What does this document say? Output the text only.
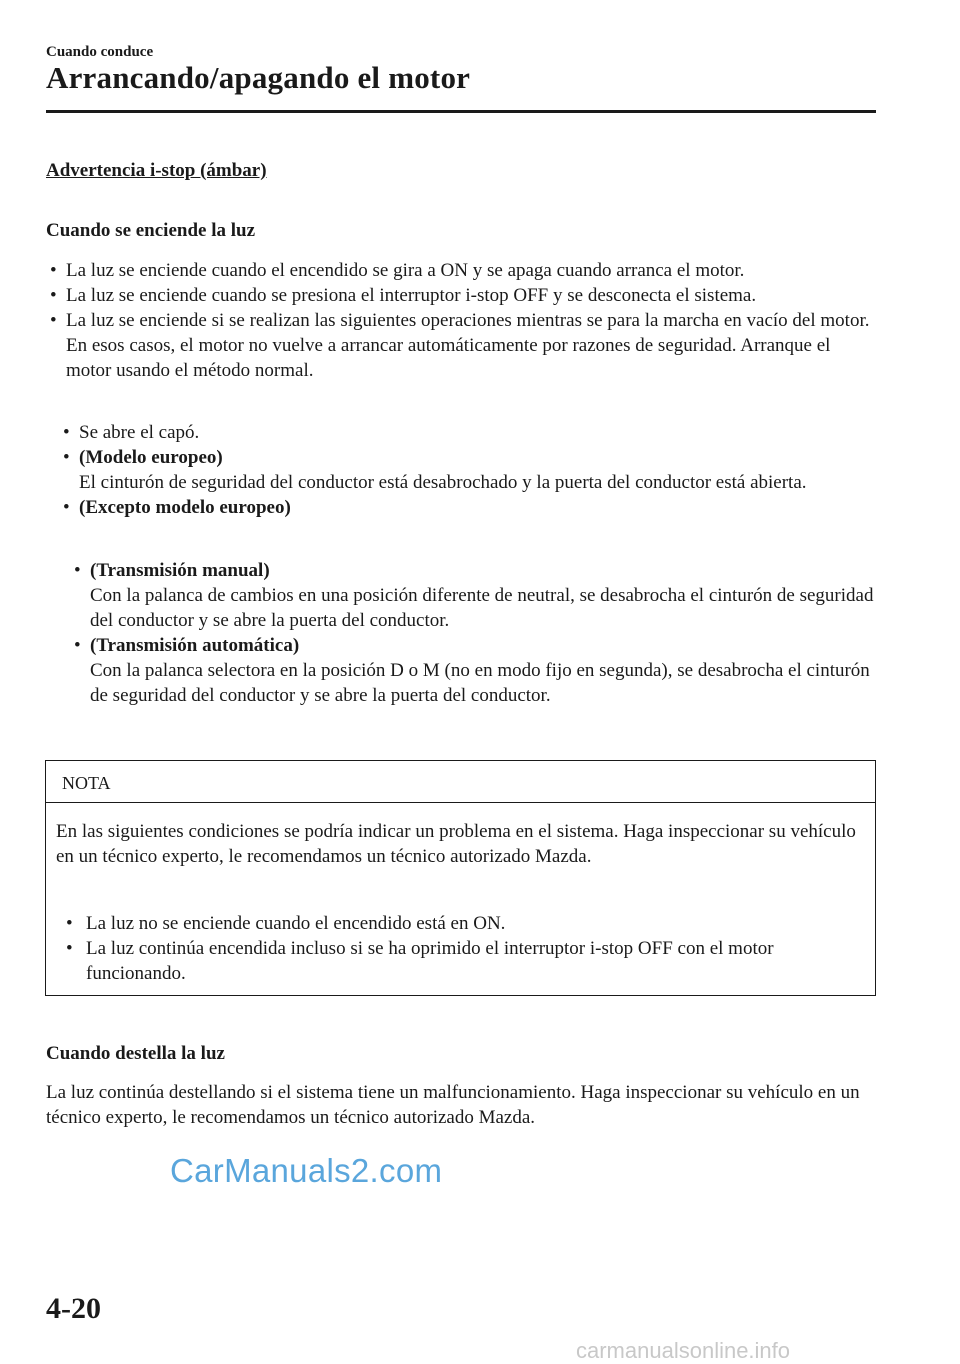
Cuando conduce
Arrancando/apagando el motor
Advertencia i-stop (ámbar)
Cuando se enciende la luz
• La luz se enciende cuando el encendido se gira a ON y se apaga cuando arranca el motor.
• La luz se enciende cuando se presiona el interruptor i-stop OFF y se desconecta el sistema.
• La luz se enciende si se realizan las siguientes operaciones mientras se para la marcha en vacío del motor. En esos casos, el motor no vuelve a arrancar automáticamente por razones de seguridad. Arranque el motor usando el método normal.
• Se abre el capó.
• (Modelo europeo)
El cinturón de seguridad del conductor está desabrochado y la puerta del conductor está abierta.
• (Excepto modelo europeo)
• (Transmisión manual)
Con la palanca de cambios en una posición diferente de neutral, se desabrocha el cinturón de seguridad del conductor y se abre la puerta del conductor.
• (Transmisión automática)
Con la palanca selectora en la posición D o M (no en modo fijo en segunda), se desabrocha el cinturón de seguridad del conductor y se abre la puerta del conductor.
NOTA
En las siguientes condiciones se podría indicar un problema en el sistema. Haga inspeccionar su vehículo en un técnico experto, le recomendamos un técnico autorizado Mazda.
• La luz no se enciende cuando el encendido está en ON.
• La luz continúa encendida incluso si se ha oprimido el interruptor i-stop OFF con el motor funcionando.
Cuando destella la luz
La luz continúa destellando si el sistema tiene un malfuncionamiento. Haga inspeccionar su vehículo en un técnico experto, le recomendamos un técnico autorizado Mazda.
CarManuals2.com
4-20
carmanualsonline.info
